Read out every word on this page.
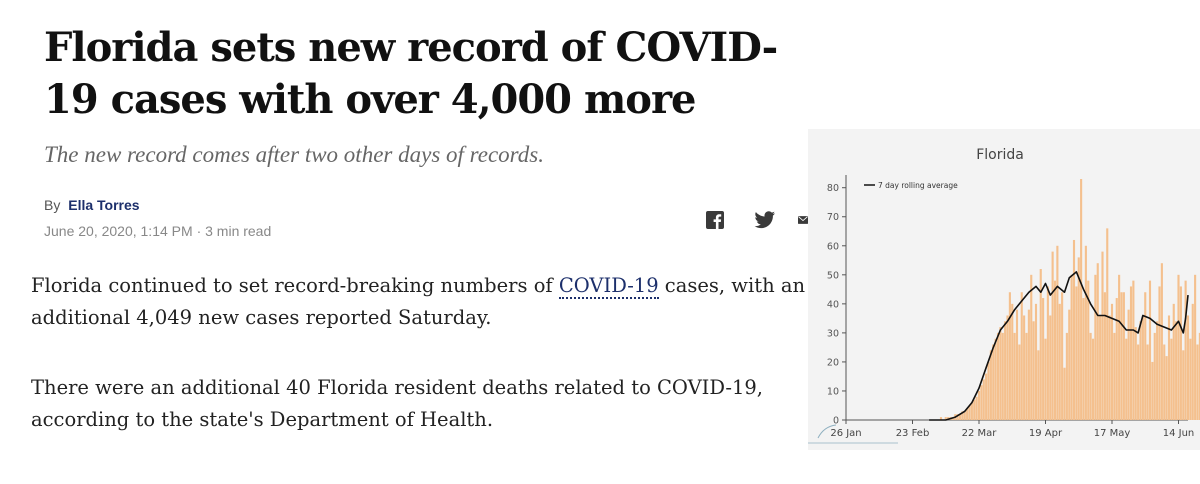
Florida sets new record of COVID-19 cases with over 4,000 more

The new record comes after two other days of records.

By Ella Torres
June 20, 2020, 1:14 PM · 3 min read

Florida continued to set record-breaking numbers of COVID-19 cases, with an additional 4,049 new cases reported Saturday.

There were an additional 40 Florida resident deaths related to COVID-19, according to the state's Department of Health.

Florida
0
10
20
30
40
50
60
70
80
26 Jan	23 Feb	22 Mar	19 Apr	17 May	14 Jun
7 day rolling average
